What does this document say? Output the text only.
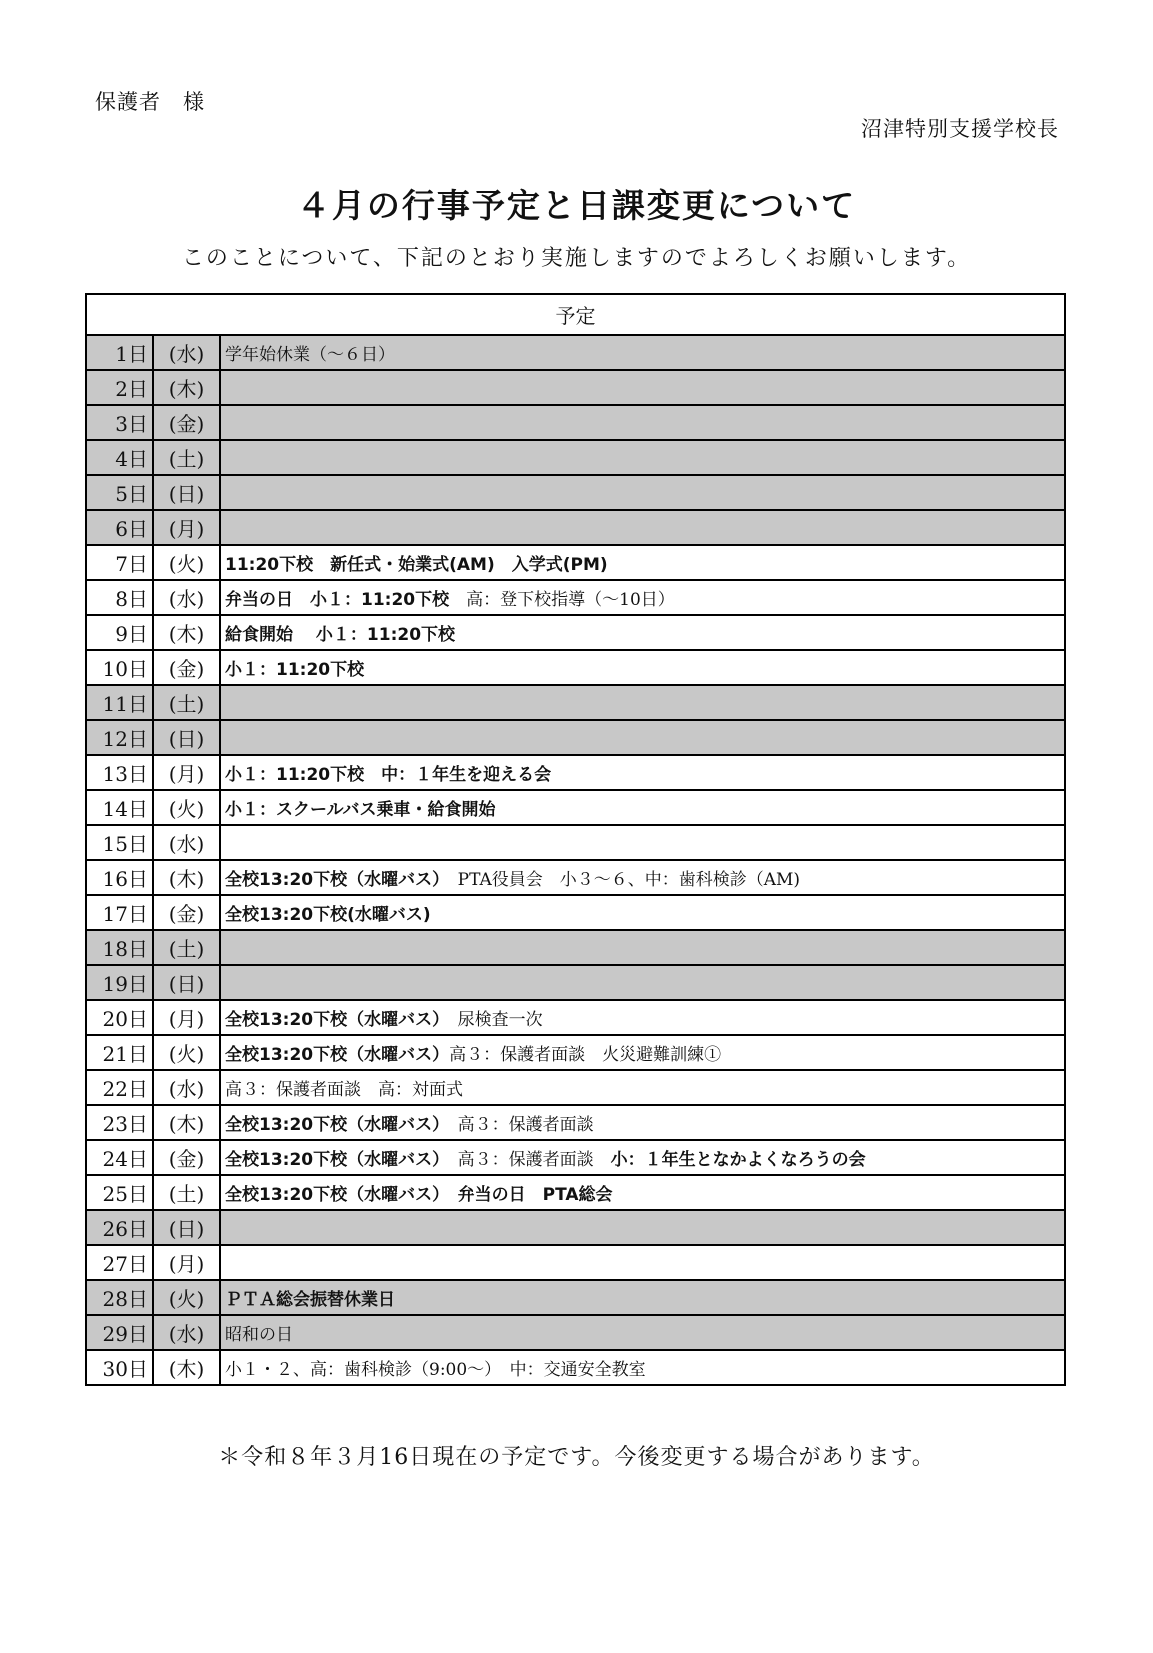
保護者　様
沼津特別支援学校長
４月の行事予定と日課変更について
このことについて、下記のとおり実施しますのでよろしくお願いします。
予定		
1日	(水)	学年始休業（～６日）
2日	(木)	
3日	(金)	
4日	(土)	
5日	(日)	
6日	(月)	
7日	(火)	11:20下校　新任式・始業式(AM)　入学式(PM)
8日	(水)	弁当の日　小１：11:20下校　高：登下校指導（～10日）
9日	(木)	給食開始　 小１：11:20下校
10日	(金)	小１：11:20下校
11日	(土)	
12日	(日)	
13日	(月)	小１：11:20下校　中：１年生を迎える会
14日	(火)	小１：スクールバス乗車・給食開始
15日	(水)	
16日	(木)	全校13:20下校（水曜バス）　PTA役員会　小３～６、中：歯科検診（AM)
17日	(金)	全校13:20下校(水曜バス)
18日	(土)	
19日	(日)	
20日	(月)	全校13:20下校（水曜バス）　尿検査一次
21日	(火)	全校13:20下校（水曜バス）高３：保護者面談　火災避難訓練①
22日	(水)	高３：保護者面談　高：対面式
23日	(木)	全校13:20下校（水曜バス）　高３：保護者面談
24日	(金)	全校13:20下校（水曜バス）　高３：保護者面談　小：１年生となかよくなろうの会
25日	(土)	全校13:20下校（水曜バス）　弁当の日　PTA総会
26日	(日)	
27日	(月)	
28日	(火)	ＰＴＡ総会振替休業日
29日	(水)	昭和の日
30日	(木)	小１・２、高：歯科検診（9:00～）　中：交通安全教室
＊令和８年３月16日現在の予定です。今後変更する場合があります。
